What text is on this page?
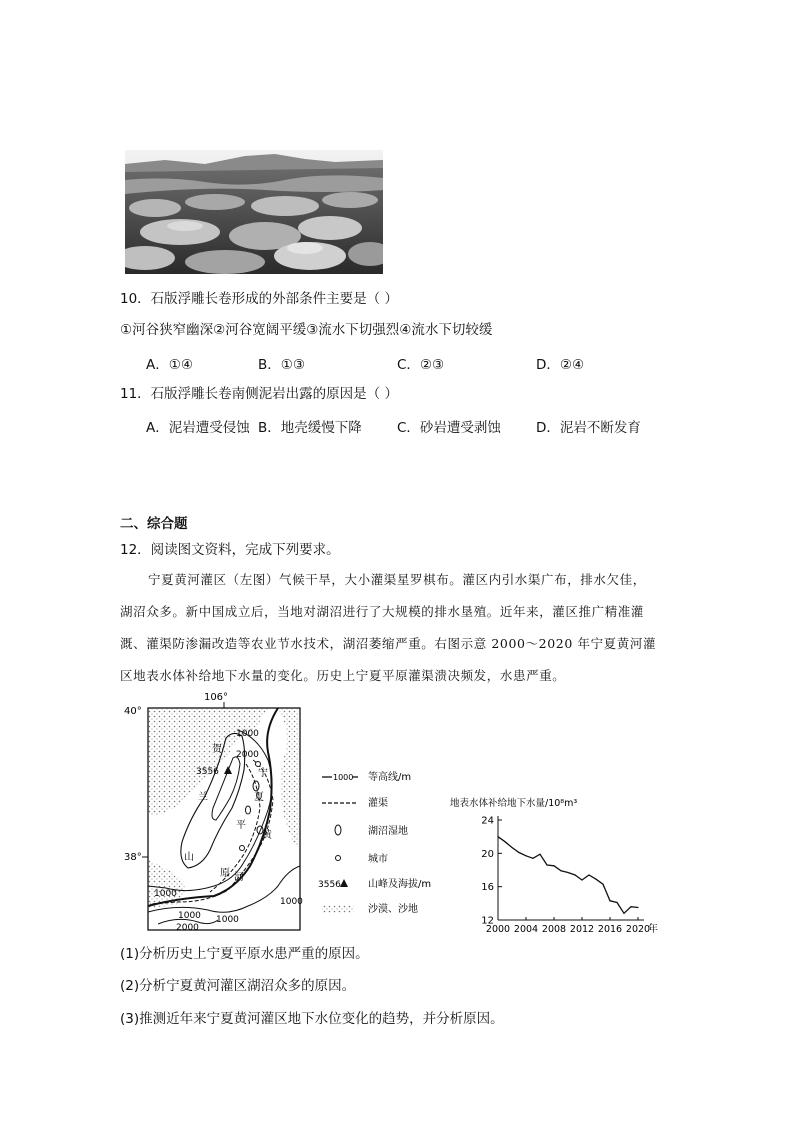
10．石版浮雕长卷形成的外部条件主要是（ ）
①河谷狭窄幽深②河谷宽阔平缓③流水下切强烈④流水下切较缓
A．①④	B．①③	C．②③	D．②④
11．石版浮雕长卷南侧泥岩出露的原因是（ ）
A．泥岩遭受侵蚀 B．地壳缓慢下降	C．砂岩遭受剥蚀	D．泥岩不断发育
二、综合题
12．阅读图文资料，完成下列要求。
宁夏黄河灌区（左图）气候干旱，大小灌渠星罗棋布。灌区内引水渠广布，排水欠佳，
湖沼众多。新中国成立后，当地对湖沼进行了大规模的排水垦殖。近年来，灌区推广精准灌
溉、灌渠防渗漏改造等农业节水技术，湖沼萎缩严重。右图示意 2000～2020 年宁夏黄河灌
区地表水体补给地下水量的变化。历史上宁夏平原灌渠溃决频发，水患严重。
106°
40°
38°
3556
1000
2000
1000
1000
1000
2000
1000
贺
兰
山
宁
夏
平
黄
原 河
1000 等高线/m
灌渠
湖沼湿地
城市
3556	山峰及海拔/m
沙漠、沙地
地表水体补给地下水量/10⁸m³
12
16
20
24
2000 2004 2008 2012 2016 2020
年
(1)分析历史上宁夏平原水患严重的原因。
(2)分析宁夏黄河灌区湖沼众多的原因。
(3)推测近年来宁夏黄河灌区地下水位变化的趋势，并分析原因。
